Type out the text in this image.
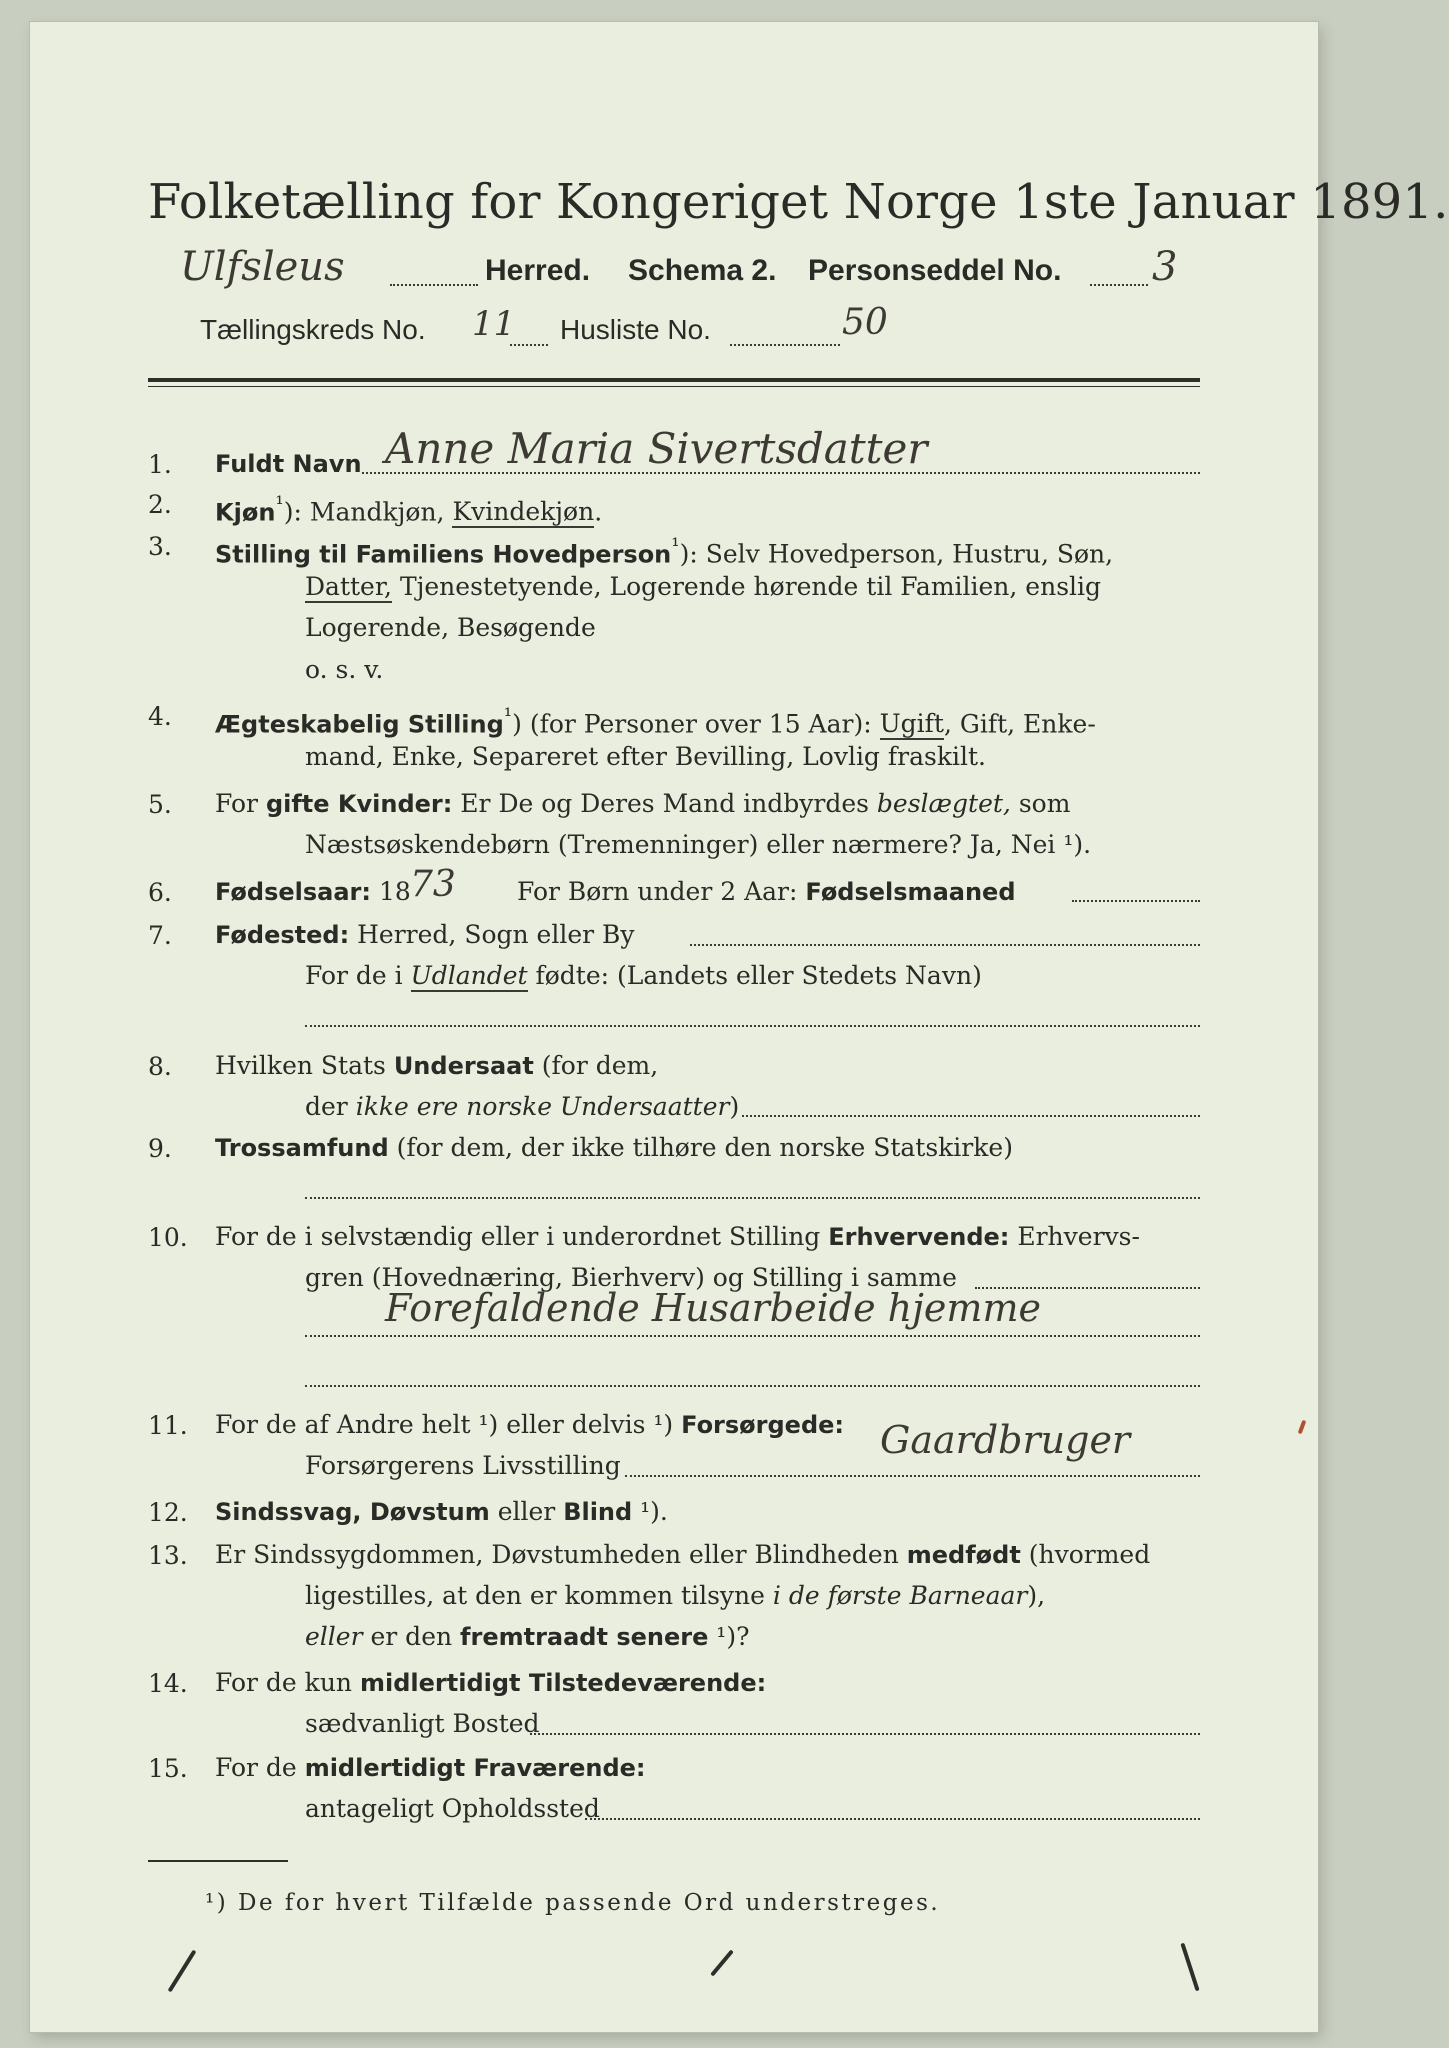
Folketælling for Kongeriget Norge 1ste Januar 1891.
Ulfsleus	Herred. Schema 2. Personseddel No. 3
Tællingskreds No. 11 Husliste No.	50
1. Fuldt Navn Anne Maria Sivertsdatter
2. Kjøn$^{^1}$): Mandkjøn, Kvindekjøn.
3. Stilling til Familiens Hovedperson$^{^1}$): Selv Hovedperson, Hustru, Søn,
Datter, Tjenestetyende, Logerende hørende til Familien, enslig
Logerende, Besøgende
o. s. v.
4. Ægteskabelig Stilling$^{^1}$) (for Personer over 15 Aar): Ugift, Gift, Enke-
mand, Enke, Separeret efter Bevilling, Lovlig fraskilt.
5. For gifte Kvinder: Er De og Deres Mand indbyrdes beslægtet, som
Næstsøskendebørn (Tremenninger) eller nærmere? Ja, Nei ¹).
6. Fødselsaar: 18 73 For Børn under 2 Aar: Fødselsmaaned
7. Fødested: Herred, Sogn eller By
For de i Udlandet fødte: (Landets eller Stedets Navn)
8. Hvilken Stats Undersaat (for dem,
der ikke ere norske Undersaatter)
9. Trossamfund (for dem, der ikke tilhøre den norske Statskirke)
10. For de i selvstændig eller i underordnet Stilling Erhvervende: Erhvervs-
gren (Hovednæring, Bierhverv) og Stilling i samme
Forefaldende Husarbeide hjemme
11. For de af Andre helt ¹) eller delvis ¹) Forsørgede:
Forsørgerens Livsstilling
Gaardbruger
12. Sindssvag, Døvstum eller Blind ¹).
13. Er Sindssygdommen, Døvstumheden eller Blindheden medfødt (hvormed
ligestilles, at den er kommen tilsyne i de første Barneaar),
eller er den fremtraadt senere ¹)?
14. For de kun midlertidigt Tilstedeværende:
sædvanligt Bosted
15. For de midlertidigt Fraværende:
antageligt Opholdssted
¹) De for hvert Tilfælde passende Ord understreges.
